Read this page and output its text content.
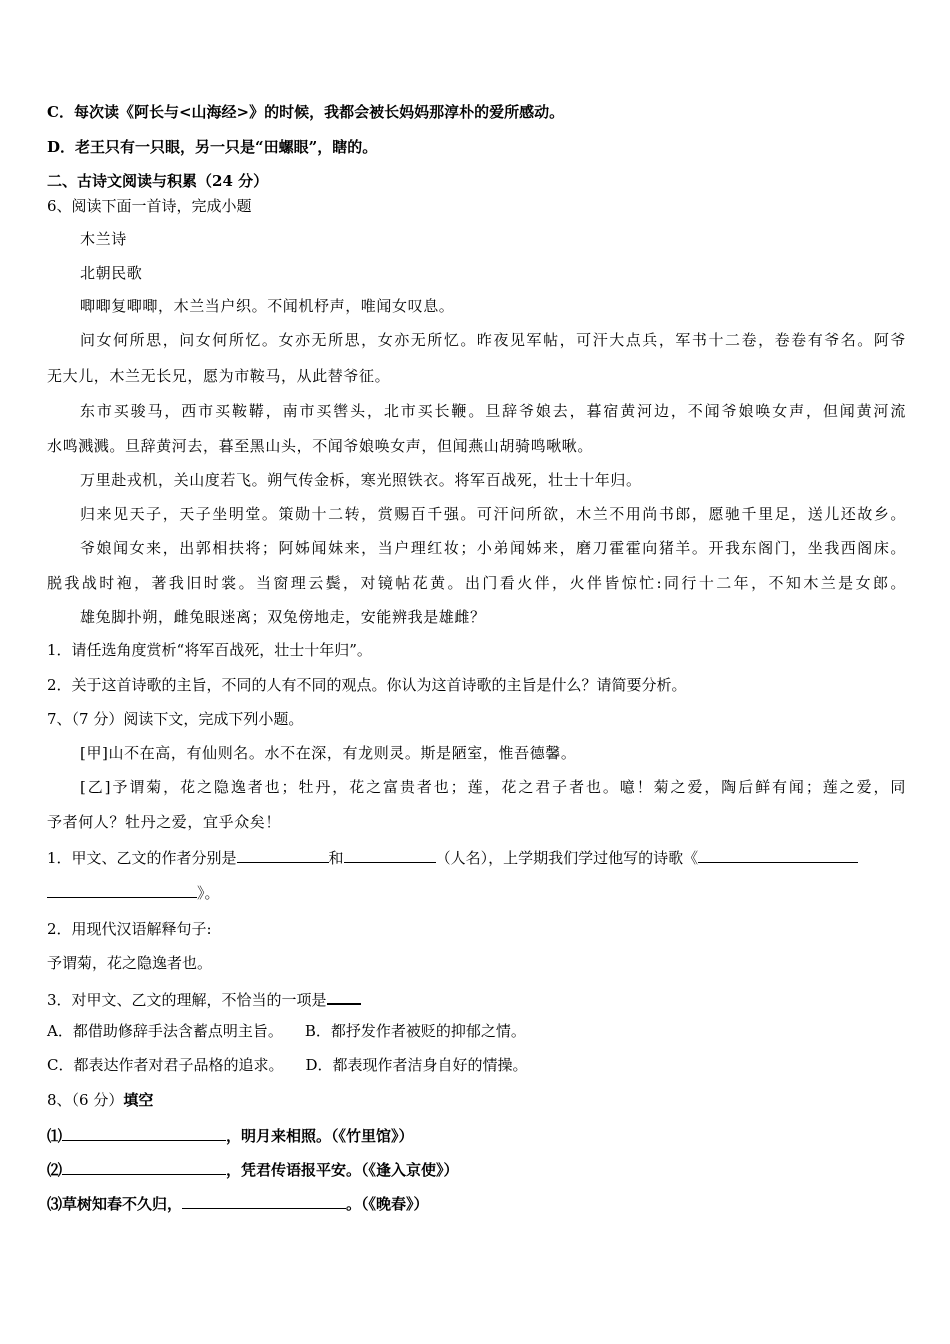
C．每次读《阿长与<山海经>》的时候，我都会被长妈妈那淳朴的爱所感动。
D．老王只有一只眼，另一只是“田螺眼”，瞎的。
二、古诗文阅读与积累（24 分）
6、阅读下面一首诗，完成小题
木兰诗
北朝民歌
唧唧复唧唧，木兰当户织。不闻机杼声，唯闻女叹息。
问女何所思，问女何所忆。女亦无所思，女亦无所忆。昨夜见军帖，可汗大点兵，军书十二卷，卷卷有爷名。阿爷
无大儿，木兰无长兄，愿为市鞍马，从此替爷征。
东市买骏马，西市买鞍鞯，南市买辔头，北市买长鞭。旦辞爷娘去，暮宿黄河边，不闻爷娘唤女声，但闻黄河流
水鸣溅溅。旦辞黄河去，暮至黑山头，不闻爷娘唤女声，但闻燕山胡骑鸣啾啾。
万里赴戎机，关山度若飞。朔气传金柝，寒光照铁衣。将军百战死，壮士十年归。
归来见天子，天子坐明堂。策勋十二转，赏赐百千强。可汗问所欲，木兰不用尚书郎，愿驰千里足，送儿还故乡。
爷娘闻女来，出郭相扶将；阿姊闻妹来，当户理红妆；小弟闻姊来，磨刀霍霍向猪羊。开我东阁门，坐我西阁床。
脱我战时袍，著我旧时裳。当窗理云鬓，对镜帖花黄。出门看火伴，火伴皆惊忙:同行十二年，不知木兰是女郎。
雄兔脚扑朔，雌兔眼迷离；双兔傍地走，安能辨我是雄雌？
1．请任选角度赏析“将军百战死，壮士十年归”。
2．关于这首诗歌的主旨，不同的人有不同的观点。你认为这首诗歌的主旨是什么？请简要分析。
7、（7 分）阅读下文，完成下列小题。
[甲]山不在高，有仙则名。水不在深，有龙则灵。斯是陋室，惟吾德馨。
[乙]予谓菊，花之隐逸者也；牡丹，花之富贵者也；莲，花之君子者也。噫！菊之爱，陶后鲜有闻；莲之爱，同
予者何人？牡丹之爱，宜乎众矣！
1．甲文、乙文的作者分别是	和	（人名），上学期我们学过他写的诗歌《
》。
2．用现代汉语解释句子:
予谓菊，花之隐逸者也。
3．对甲文、乙文的理解，不恰当的一项是
A．都借助修辞手法含蓄点明主旨。 B．都抒发作者被贬的抑郁之情。
C．都表达作者对君子品格的追求。 D．都表现作者洁身自好的情操。
8、（6 分）填空
⑴	，明月来相照。（《竹里馆》）
⑵	，凭君传语报平安。（《逢入京使》）
⑶草树知春不久归，	。（《晚春》）
